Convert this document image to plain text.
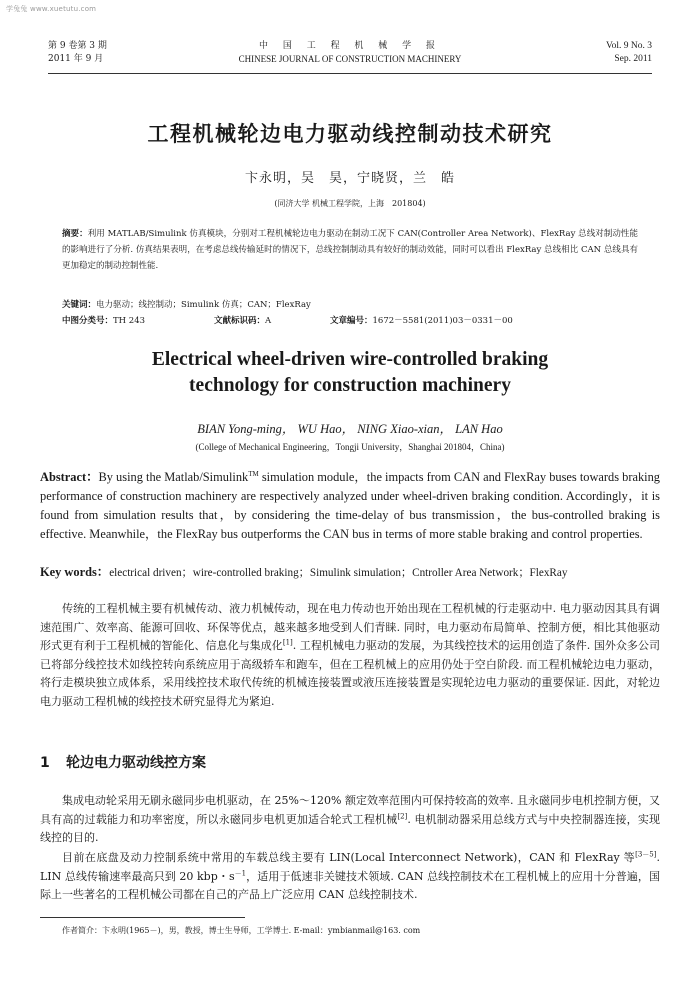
学兔兔 www.xuetutu.com
第 9 卷第 3 期
2011 年 9 月
中 国 工 程 机 械 学 报
CHINESE JOURNAL OF CONSTRUCTION MACHINERY
Vol. 9 No. 3
Sep. 2011
工程机械轮边电力驱动线控制动技术研究
卞永明，吴　昊，宁晓贤，兰　皓
(同济大学 机械工程学院，上海　201804)
摘要：利用 MATLAB/Simulink 仿真模块，分别对工程机械轮边电力驱动在制动工况下 CAN(Controller Area Network)、FlexRay 总线对制动性能的影响进行了分析. 仿真结果表明，在考虑总线传输延时的情况下，总线控制制动具有较好的制动效能，同时可以看出 FlexRay 总线相比 CAN 总线具有更加稳定的制动控制性能.
关键词：电力驱动；线控制动；Simulink 仿真；CAN；FlexRay
中图分类号：TH 243	文献标识码：A	文章编号：1672－5581(2011)03－0331－00
Electrical wheel-driven wire-controlled braking
technology for construction machinery
BIAN Yong-ming， WU Hao， NING Xiao-xian， LAN Hao
(College of Mechanical Engineering，Tongji University，Shanghai 201804，China)
Abstract：By using the Matlab/Simulink™ simulation module，the impacts from CAN and FlexRay buses towards braking performance of construction machinery are respectively analyzed under wheel-driven braking condition. Accordingly，it is found from simulation results that，by considering the time-delay of bus transmission，the bus-controlled braking is effective. Meanwhile，the FlexRay bus outperforms the CAN bus in terms of more stable braking and control properties.
Key words：electrical driven；wire-controlled braking；Simulink simulation；Cntroller Area Network；FlexRay
传统的工程机械主要有机械传动、液力机械传动，现在电力传动也开始出现在工程机械的行走驱动中. 电力驱动因其具有调速范围广、效率高、能源可回收、环保等优点，越来越多地受到人们青睐. 同时，电力驱动布局简单、控制方便，相比其他驱动形式更有利于工程机械的智能化、信息化与集成化[1]. 工程机械电力驱动的发展，为其线控技术的运用创造了条件. 国外众多公司已将部分线控技术如线控转向系统应用于高级轿车和跑车，但在工程机械上的应用仍处于空白阶段. 而工程机械轮边电力驱动，将行走模块独立成体系，采用线控技术取代传统的机械连接装置或液压连接装置是实现轮边电力驱动的重要保证. 因此，对轮边电力驱动工程机械的线控技术研究显得尤为紧迫.
1 轮边电力驱动线控方案
集成电动轮采用无刷永磁同步电机驱动，在 25%～120% 额定效率范围内可保持较高的效率. 且永磁同步电机控制方便，又具有高的过载能力和功率密度，所以永磁同步电机更加适合轮式工程机械[2]. 电机制动器采用总线方式与中央控制器连接，实现线控的目的.
目前在底盘及动力控制系统中常用的车载总线主要有 LIN(Local Interconnect Network)，CAN 和 FlexRay 等[3－5]. LIN 总线传输速率最高只到 20 kbp・$s^{-1}$，适用于低速非关键技术领域. CAN 总线控制技术在工程机械上的应用十分普遍，国际上一些著名的工程机械公司都在自己的产品上广泛应用 CAN 总线控制技术.
作者简介：卞永明(1965－)，男，教授，博士生导师，工学博士. E-mail：ymbianmail@163. com
